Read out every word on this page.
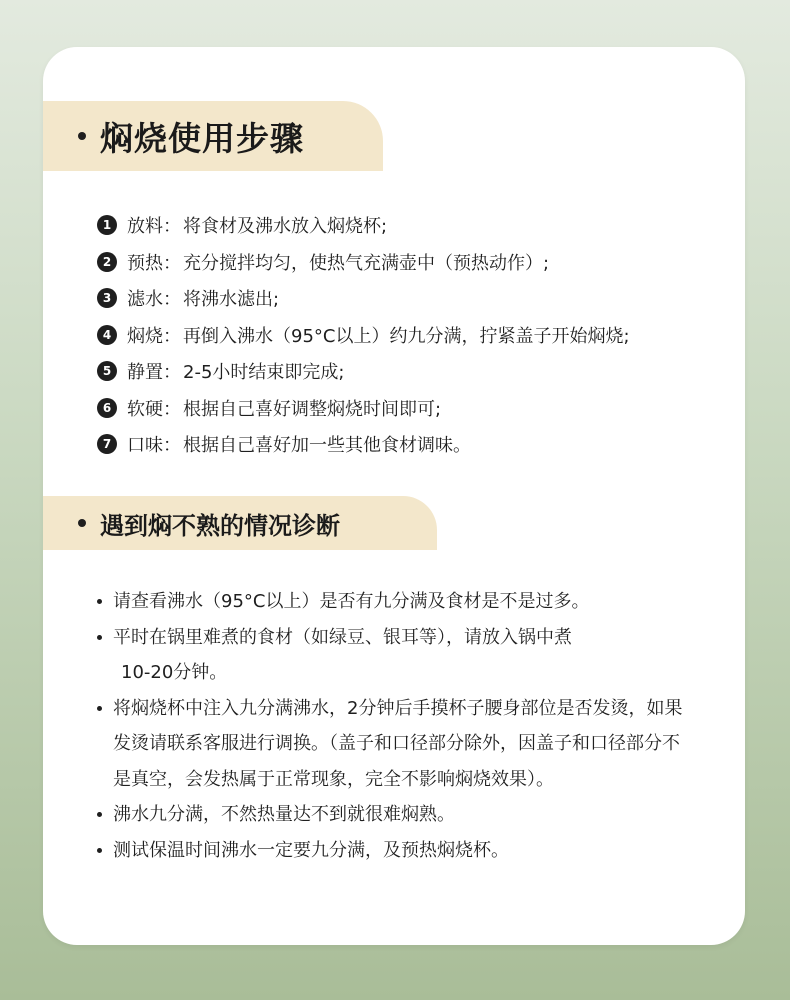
焖烧使用步骤
1 放料： 将食材及沸水放入焖烧杯;
2 预热： 充分搅拌均匀，使热气充满壶中（预热动作）;
3 滤水： 将沸水滤出;
4 焖烧： 再倒入沸水（95°C以上）约九分满，拧紧盖子开始焖烧;
5 静置： 2-5小时结束即完成;
6 软硬： 根据自己喜好调整焖烧时间即可;
7 口味： 根据自己喜好加一些其他食材调味。
遇到焖不熟的情况诊断
请查看沸水（95°C以上）是否有九分满及食材是不是过多。
平时在锅里难煮的食材（如绿豆、银耳等），请放入锅中煮
10-20分钟。
将焖烧杯中注入九分满沸水，2分钟后手摸杯子腰身部位是否发烫，如果发烫请联系客服进行调换。（盖子和口径部分除外，因盖子和口径部分不是真空，会发热属于正常现象，完全不影响焖烧效果）。
沸水九分满，不然热量达不到就很难焖熟。
测试保温时间沸水一定要九分满，及预热焖烧杯。
